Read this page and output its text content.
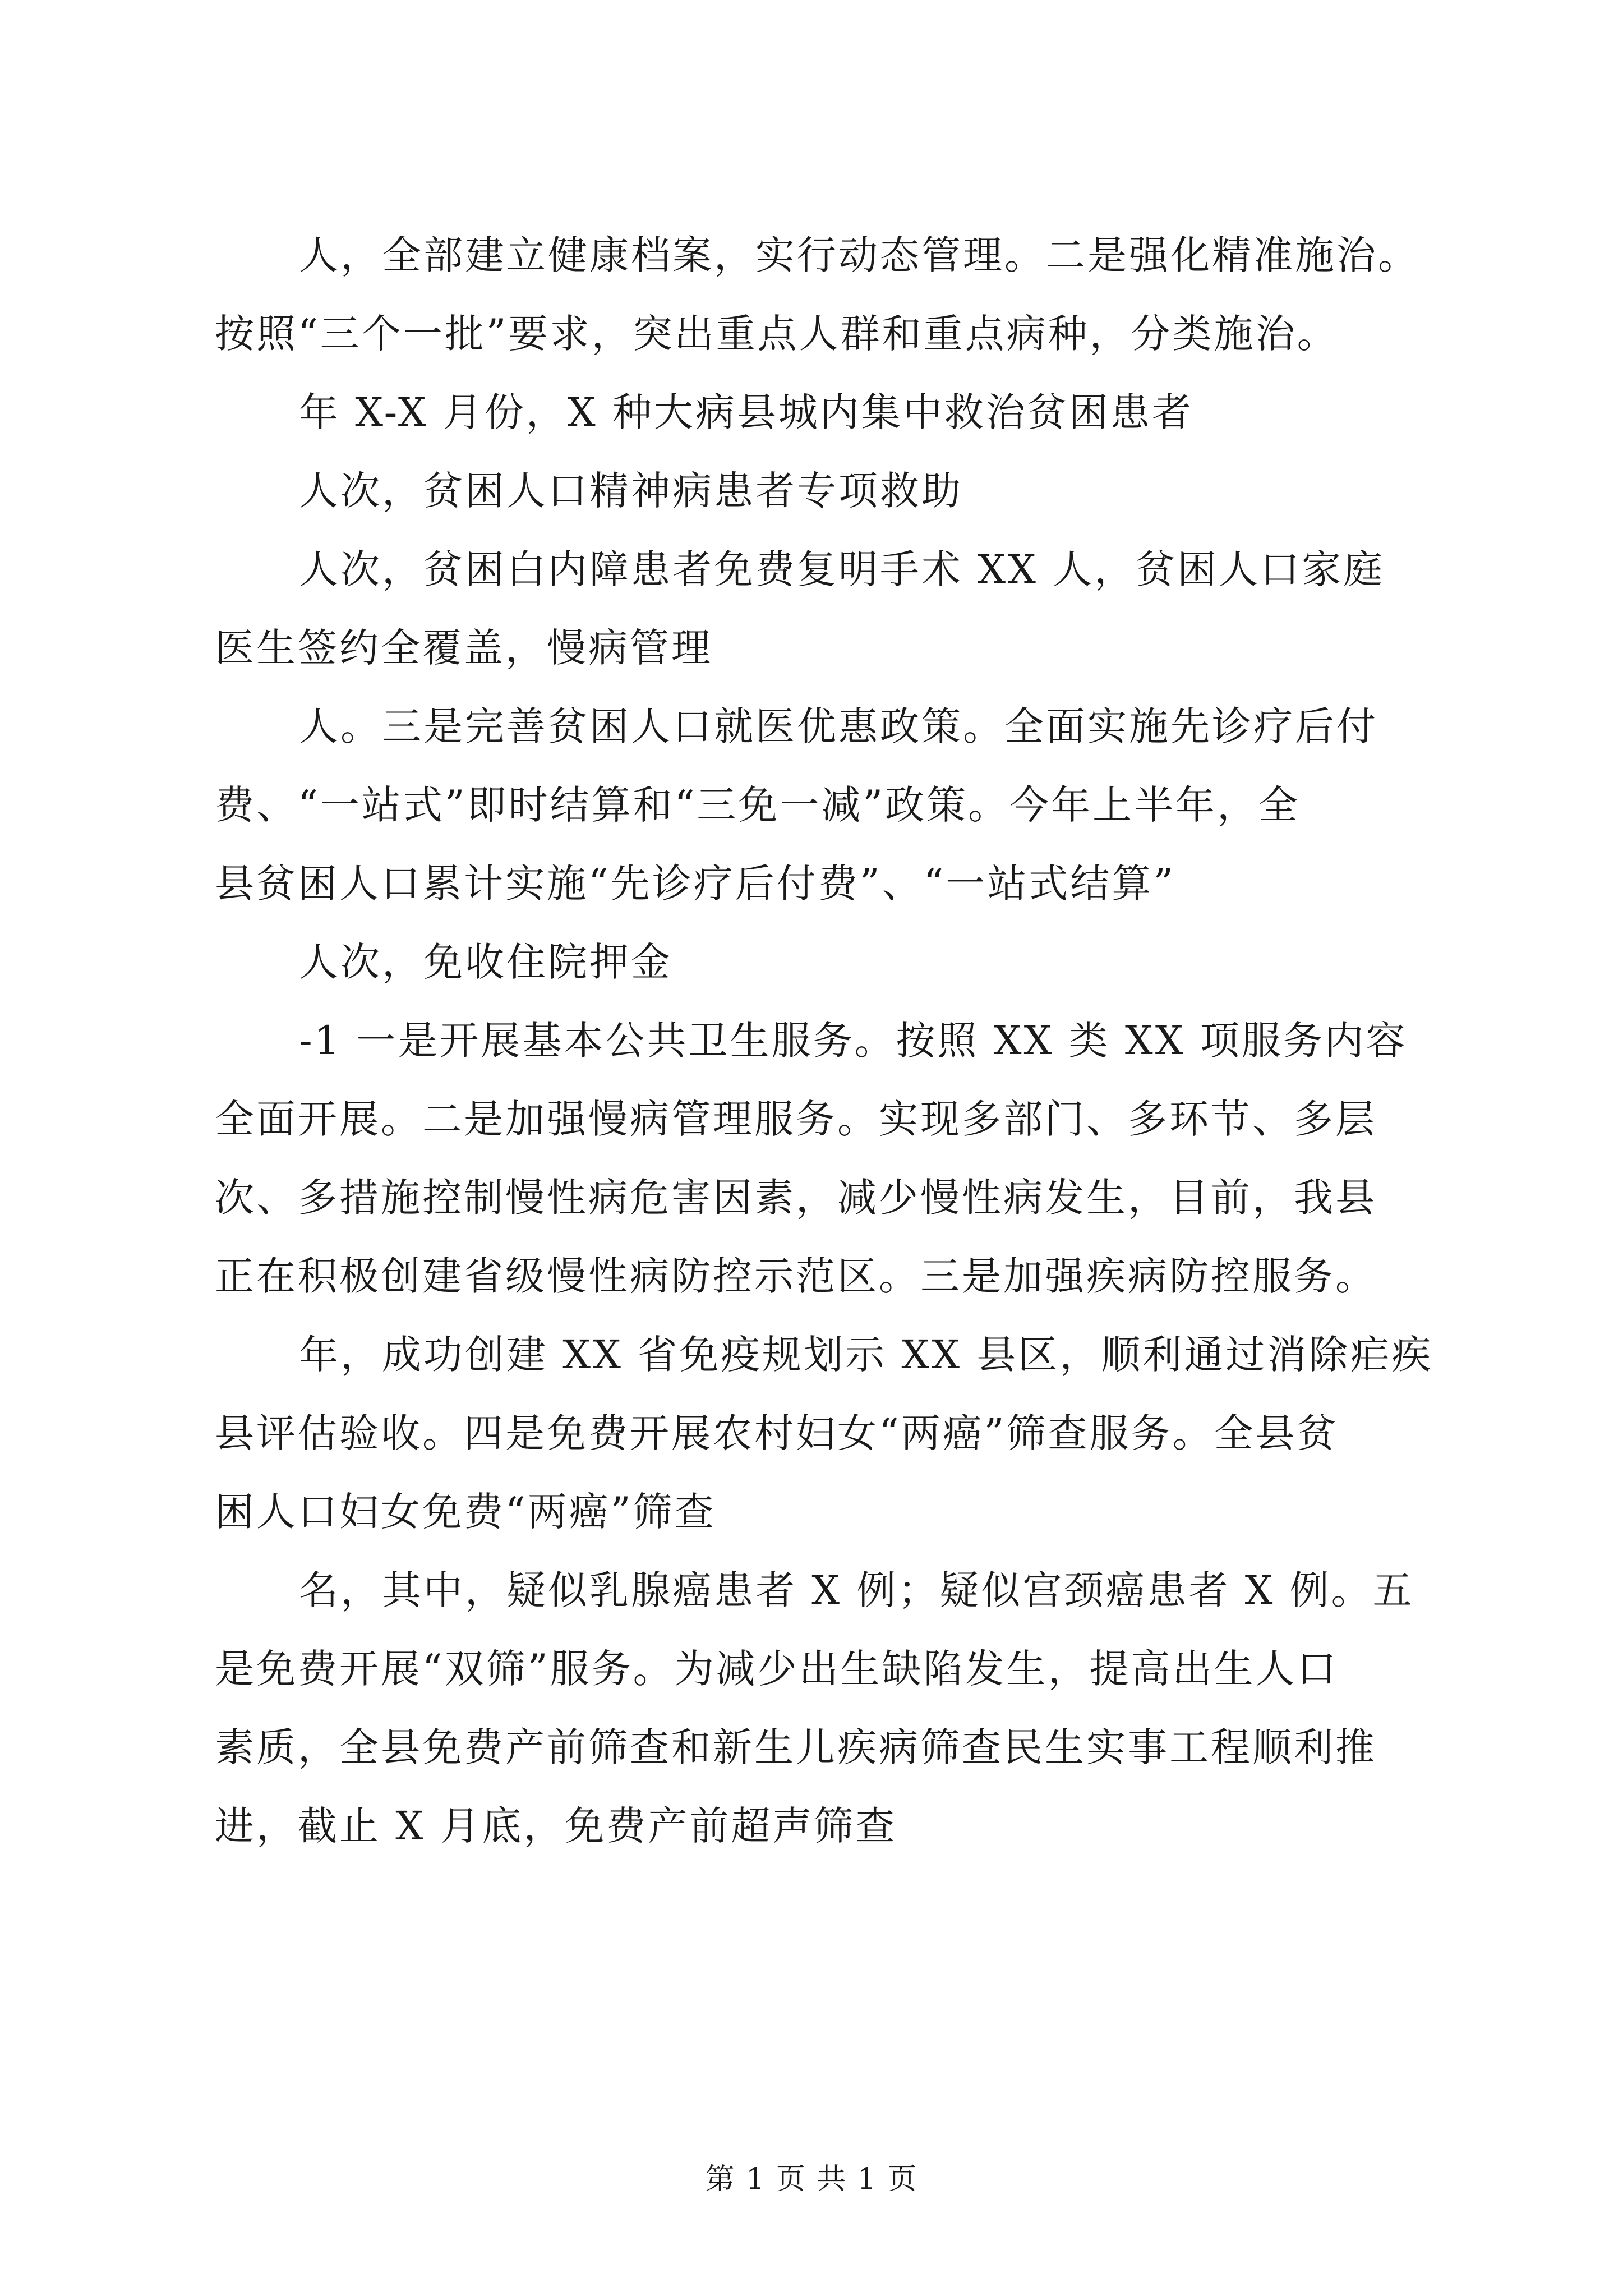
人，全部建立健康档案，实行动态管理。二是强化精准施治。
按照“三个一批”要求，突出重点人群和重点病种，分类施治。
年 X-X 月份，X 种大病县城内集中救治贫困患者
人次，贫困人口精神病患者专项救助
人次，贫困白内障患者免费复明手术 XX 人，贫困人口家庭
医生签约全覆盖，慢病管理
人。三是完善贫困人口就医优惠政策。全面实施先诊疗后付
费、“一站式”即时结算和“三免一减”政策。今年上半年，全
县贫困人口累计实施“先诊疗后付费”、“一站式结算”
人次，免收住院押金
-1 一是开展基本公共卫生服务。按照 XX 类 XX 项服务内容
全面开展。二是加强慢病管理服务。实现多部门、多环节、多层
次、多措施控制慢性病危害因素，减少慢性病发生，目前，我县
正在积极创建省级慢性病防控示范区。三是加强疾病防控服务。
年，成功创建 XX 省免疫规划示 XX 县区，顺利通过消除疟疾
县评估验收。四是免费开展农村妇女“两癌”筛查服务。全县贫
困人口妇女免费“两癌”筛查
名，其中，疑似乳腺癌患者 X 例；疑似宫颈癌患者 X 例。五
是免费开展“双筛”服务。为减少出生缺陷发生，提高出生人口
素质，全县免费产前筛查和新生儿疾病筛查民生实事工程顺利推
进，截止 X 月底，免费产前超声筛查
第 1 页 共 1 页
